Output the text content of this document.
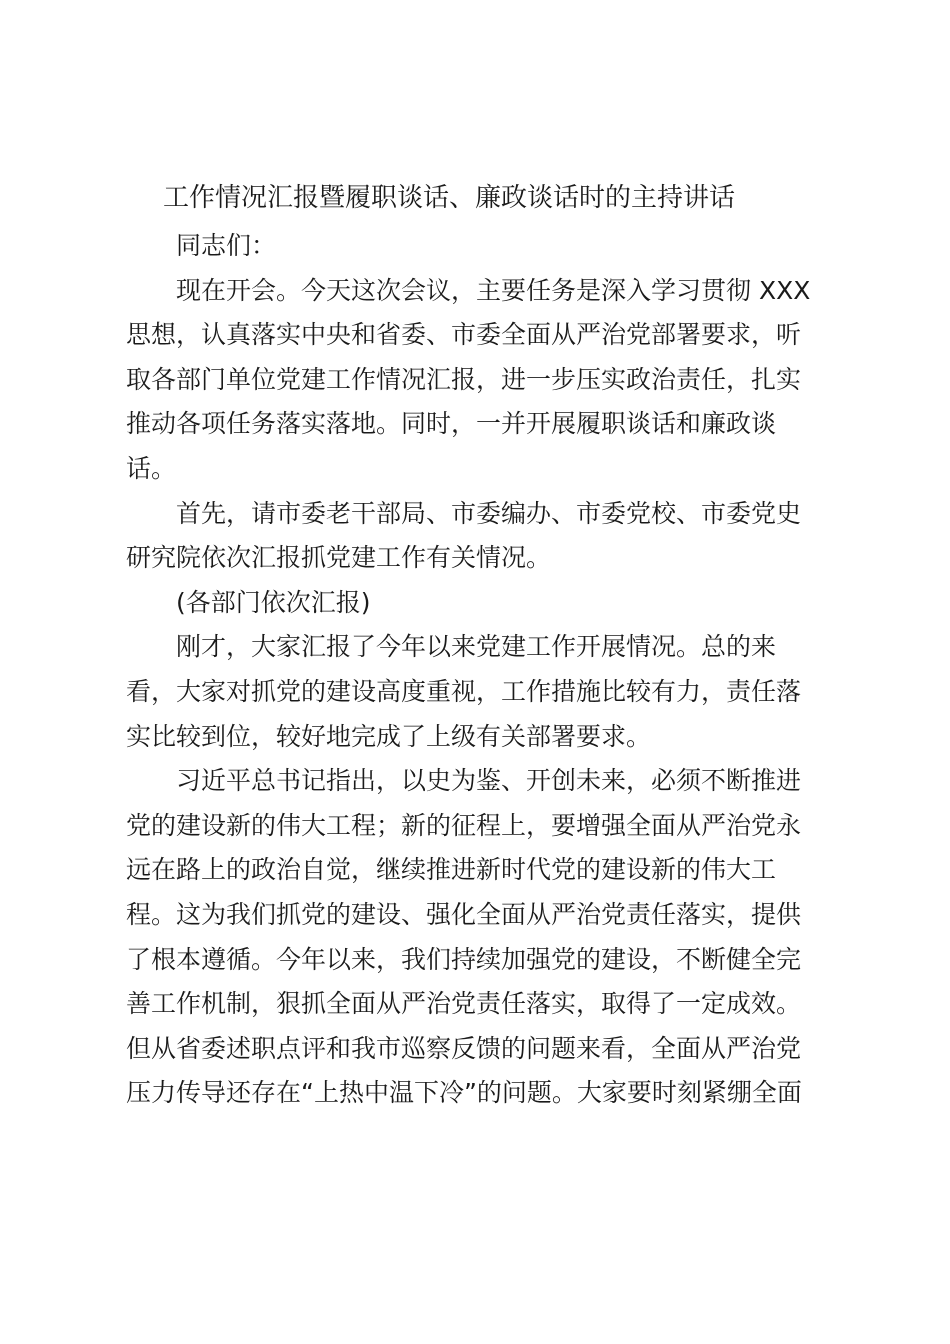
工作情况汇报暨履职谈话、廉政谈话时的主持讲话
同志们：
现在开会。今天这次会议，主要任务是深入学习贯彻 XXX
思想，认真落实中央和省委、市委全面从严治党部署要求，听
取各部门单位党建工作情况汇报，进一步压实政治责任，扎实
推动各项任务落实落地。同时，一并开展履职谈话和廉政谈
话。
首先，请市委老干部局、市委编办、市委党校、市委党史
研究院依次汇报抓党建工作有关情况。
(各部门依次汇报)
刚才，大家汇报了今年以来党建工作开展情况。总的来
看，大家对抓党的建设高度重视，工作措施比较有力，责任落
实比较到位，较好地完成了上级有关部署要求。
习近平总书记指出，以史为鉴、开创未来，必须不断推进
党的建设新的伟大工程；新的征程上，要增强全面从严治党永
远在路上的政治自觉，继续推进新时代党的建设新的伟大工
程。这为我们抓党的建设、强化全面从严治党责任落实，提供
了根本遵循。今年以来，我们持续加强党的建设，不断健全完
善工作机制，狠抓全面从严治党责任落实，取得了一定成效。
但从省委述职点评和我市巡察反馈的问题来看，全面从严治党
压力传导还存在“上热中温下冷”的问题。大家要时刻紧绷全面
